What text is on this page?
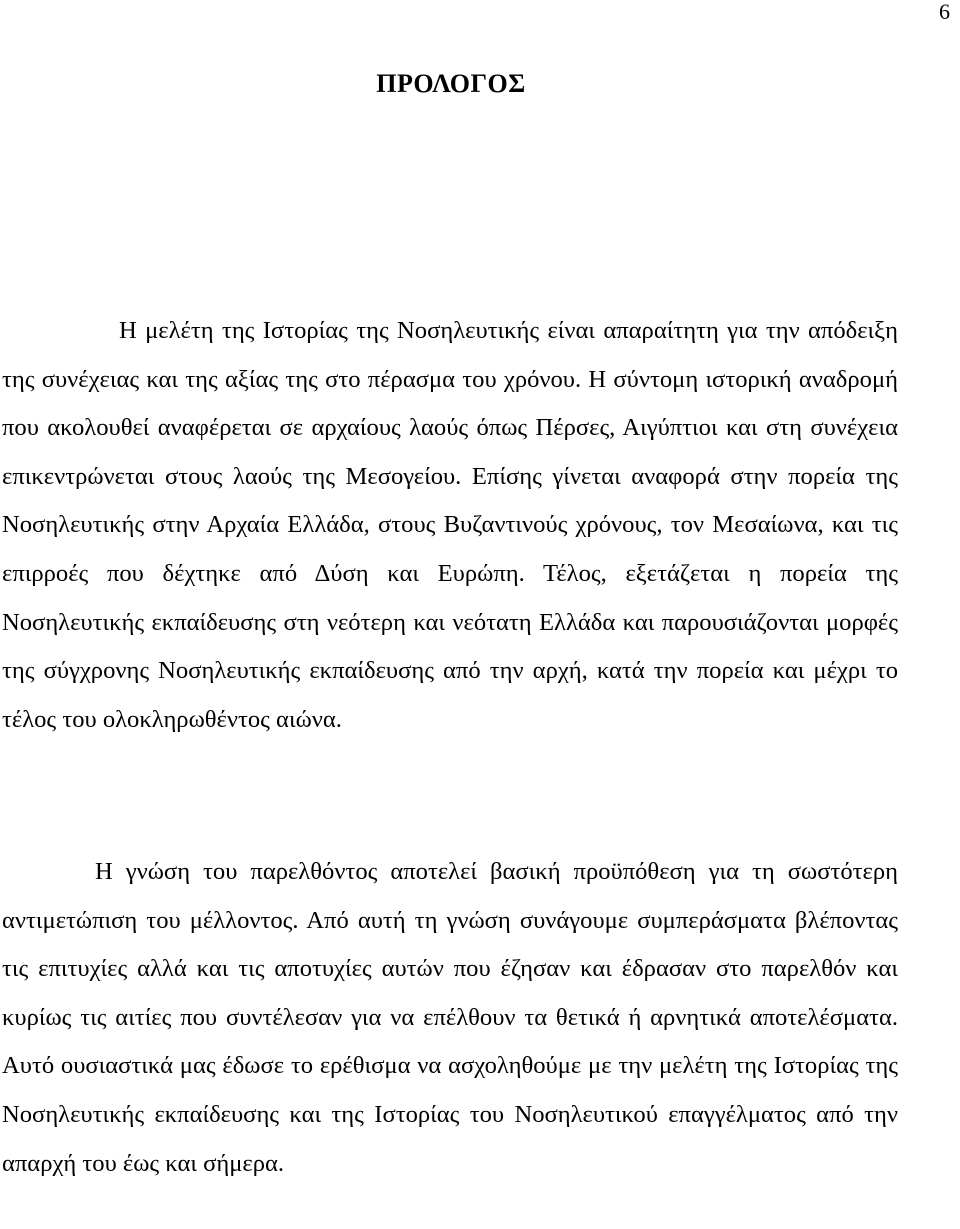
6
ΠΡΟΛΟΓΟΣ

Η μελέτη της Ιστορίας της Νοσηλευτικής είναι απαραίτητη για την απόδειξη της συνέχειας και της αξίας της στο πέρασμα του χρόνου. Η σύντομη ιστορική αναδρομή που ακολουθεί αναφέρεται σε αρχαίους λαούς όπως Πέρσες, Αιγύπτιοι και στη συνέχεια επικεντρώνεται στους λαούς της Μεσογείου. Επίσης γίνεται αναφορά στην πορεία της Νοσηλευτικής στην Αρχαία Ελλάδα, στους Βυζαντινούς χρόνους, τον Μεσαίωνα, και τις επιρροές που δέχτηκε από Δύση και Ευρώπη. Τέλος, εξετάζεται η πορεία της Νοσηλευτικής εκπαίδευσης στη νεότερη και νεότατη Ελλάδα και παρουσιάζονται μορφές της σύγχρονης Νοσηλευτικής εκπαίδευσης από την αρχή, κατά την πορεία και μέχρι το τέλος του ολοκληρωθέντος αιώνα.

Η γνώση του παρελθόντος αποτελεί βασική προϋπόθεση για τη σωστότερη αντιμετώπιση του μέλλοντος. Από αυτή τη γνώση συνάγουμε συμπεράσματα βλέποντας τις επιτυχίες αλλά και τις αποτυχίες αυτών που έζησαν και έδρασαν στο παρελθόν και κυρίως τις αιτίες που συντέλεσαν για να επέλθουν τα θετικά ή αρνητικά αποτελέσματα. Αυτό ουσιαστικά μας έδωσε το ερέθισμα να ασχοληθούμε με την μελέτη της Ιστορίας της Νοσηλευτικής εκπαίδευσης και της Ιστορίας του Νοσηλευτικού επαγγέλματος από την απαρχή του έως και σήμερα.
